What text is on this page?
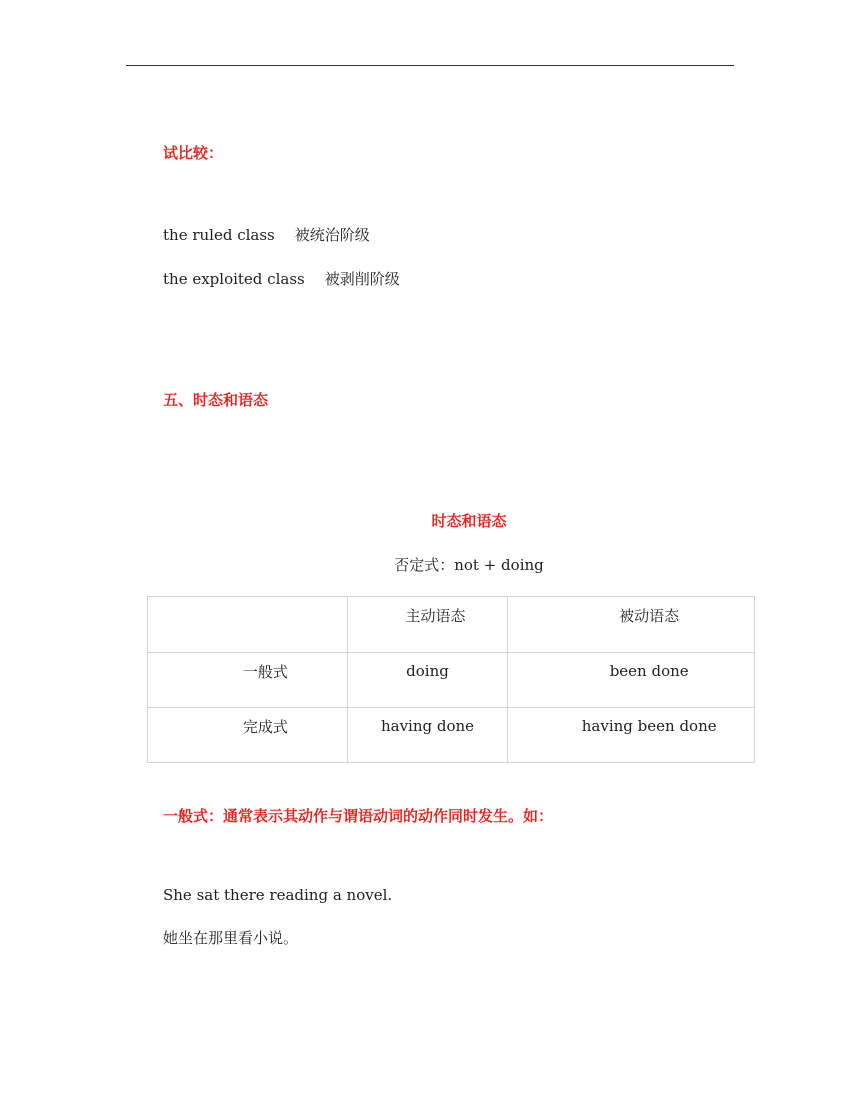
试比较：
the ruled class 被统治阶级
the exploited class 被剥削阶级
五、时态和语态
时态和语态
否定式：not + doing

	主动语态	被动语态

一般式	doing	been done

完成式	having done	having been done
一般式：通常表示其动作与谓语动词的动作同时发生。如：
She sat there reading a novel.
她坐在那里看小说。
